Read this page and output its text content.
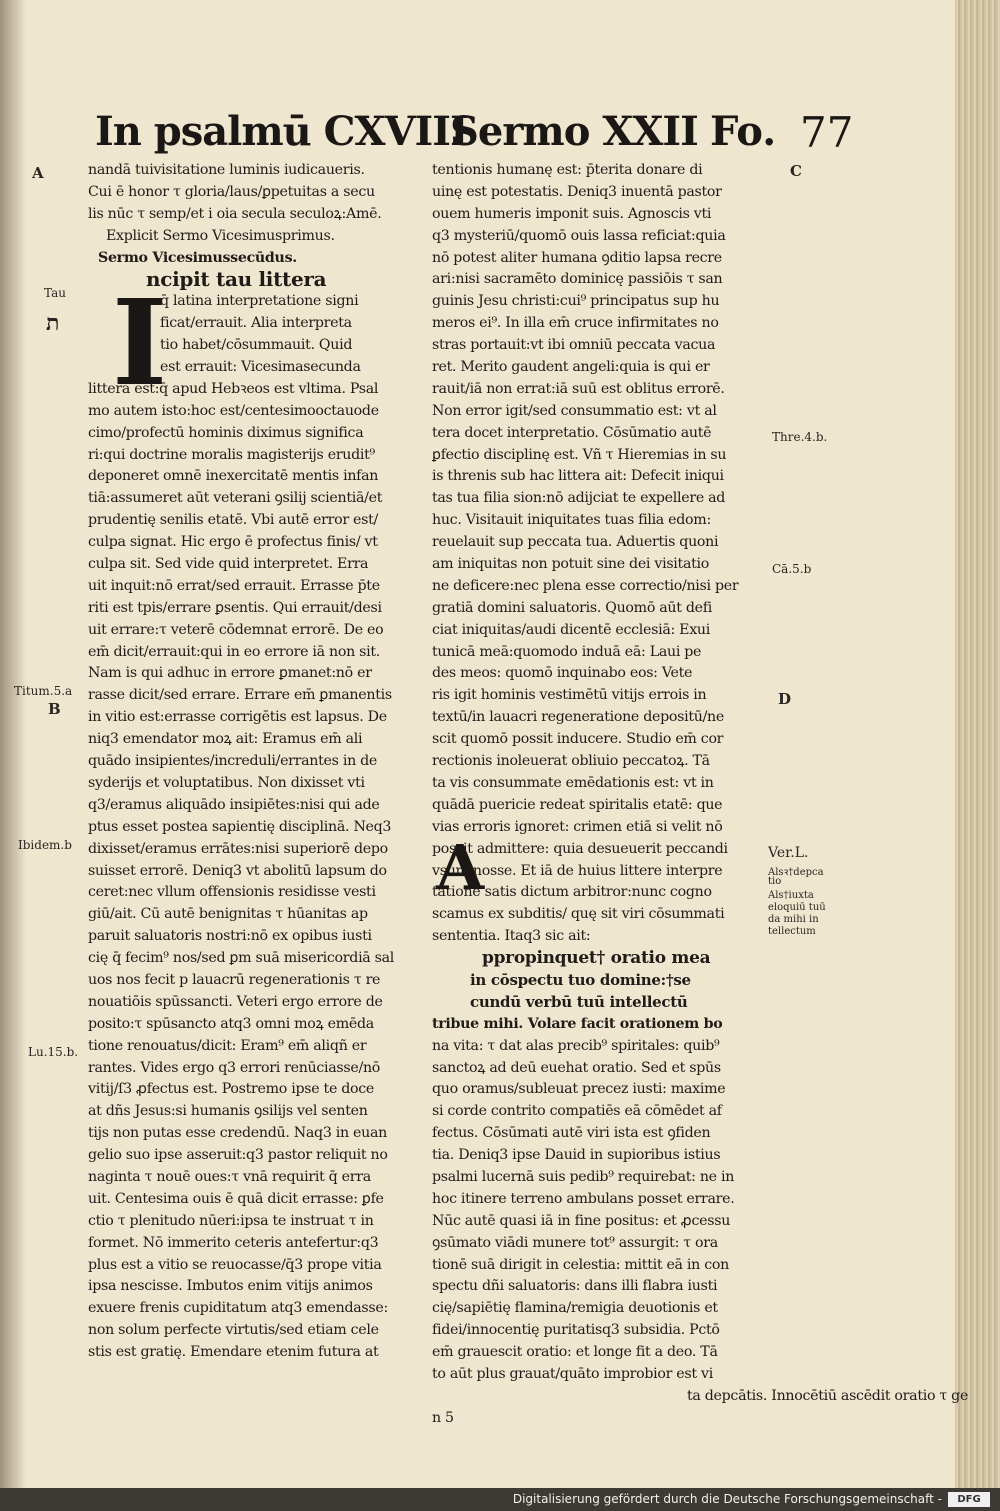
In psalmū CXVIII
Sermo XXII Fo. 77
nandā tuivisitatione luminis iudicaueris.
Cui ē honor τ gloria/laus/ꝑpetuitas a secu
lis nūc τ semp/et i oia secula seculoꝝ:Amē.
Explicit Sermo Vicesimusprimus.
Sermo Vicesimussecūdus.
ncipit tau littera
q̄ latina interpretatione signi
ficat/errauit. Alia interpreta
tio habet/cōsummauit. Quid
est errauit: Vicesimasecunda
littera est:q̄ apud Hebꝛeos est vltima. Psal
mo autem isto:hoc est/centesimooctauode
cimo/profectū hominis diximus significa
ri:qui doctrine moralis magisterijs erudit⁹
deponeret omnē inexercitatē mentis infan
tiā:assumeret aūt veterani ꝯsilij scientiā/et
prudentię senilis etatē. Vbi autē error est/
culpa signat. Hic ergo ē profectus finis/ vt
culpa sit. Sed vide quid interpretet. Erra
uit inquit:nō errat/sed errauit. Errasse p̄te
riti est tpis/errare ꝑsentis. Qui errauit/desi
uit errare:τ veterē cōdemnat errorē. De eo
em̄ dicit/errauit:qui in eo errore iā non sit.
Nam is qui adhuc in errore ꝑmanet:nō er
rasse dicit/sed errare. Errare em̄ ꝑmanentis
in vitio est:errasse corrigētis est lapsus. De
niq3 emendator moꝝ ait: Eramus em̄ ali
quādo insipientes/increduli/errantes in de
syderijs et voluptatibus. Non dixisset vti
q3/eramus aliquādo insipiētes:nisi qui ade
ptus esset postea sapientię disciplinā. Neq3
dixisset/eramus errātes:nisi superiorē depo
suisset errorē. Deniq3 vt abolitū lapsum do
ceret:nec vllum offensionis residisse vesti
giū/ait. Cū autē benignitas τ hūanitas ap
paruit saluatoris nostri:nō ex opibus iusti
cię q̄ fecim⁹ nos/sed ꝑm suā misericordiā sal
uos nos fecit p lauacrū regenerationis τ re
nouatiōis spūssancti. Veteri ergo errore de
posito:τ spūsancto atq3 omni moꝝ emēda
tione renouatus/dicit: Eram⁹ em̄ aliqñ er
rantes. Vides ergo q3 errori renūciasse/nō
vitij/ſ3 ꝓfectus est. Postremo ipse te doce
at dñs Jesus:si humanis ꝯsilijs vel senten
tijs non putas esse credendū. Naq3 in euan
gelio suo ipse asseruit:q3 pastor reliquit no
naginta τ nouē oues:τ vnā requirit q̄ erra
uit. Centesima ouis ē quā dicit errasse: ꝑfe
ctio τ plenitudo nūeri:ipsa te instruat τ in
formet. Nō immerito ceteris antefertur:q3
plus est a vitio se reuocasse/q̄3 prope vitia
ipsa nescisse. Imbutos enim vitijs animos
exuere frenis cupiditatum atq3 emendasse:
non solum perfecte virtutis/sed etiam cele
stis est gratię. Emendare etenim futura at
tentionis humanę est: p̄terita donare di
uinę est potestatis. Deniq3 inuentā pastor
ouem humeris imponit suis. Agnoscis vti
q3 mysteriū/quomō ouis lassa reficiat:quia
nō potest aliter humana ꝯditio lapsa recre
ari:nisi sacramēto dominicę passiōis τ san
guinis Jesu christi:cui⁹ principatus sup hu
meros ei⁹. In illa em̄ cruce infirmitates no
stras portauit:vt ibi omniū peccata vacua
ret. Merito gaudent angeli:quia is qui er
rauit/iā non errat:iā suū est oblitus errorē.
Non error igit/sed consummatio est: vt al
tera docet interpretatio. Cōsūmatio autē
ꝑfectio disciplinę est. Vñ τ Hieremias in su
is threnis sub hac littera ait: Defecit iniqui
tas tua filia sion:nō adijciat te expellere ad
huc. Visitauit iniquitates tuas filia edom:
reuelauit sup peccata tua. Aduertis quoni
am iniquitas non potuit sine dei visitatio
ne deficere:nec plena esse correctio/nisi per
gratiā domini saluatoris. Quomō aūt defi
ciat iniquitas/audi dicentē ecclesiā: Exui
tunicā meā:quomodo induā eā: Laui pe
des meos: quomō inquinabo eos: Vete
ris igit hominis vestimētū vitijs errois in
textū/in lauacri regeneratione depositū/ne
scit quomō possit inducere. Studio em̄ cor
rectionis inoleuerat obliuio peccatoꝝ. Tā
ta vis consummate emēdationis est: vt in
quādā puericie redeat spiritalis etatē: que
vias erroris ignoret: crimen etiā si velit nō
possit admittere: quia desueuerit peccandi
vsum nosse. Et iā de huius littere interpre
tatione satis dictum arbitror:nunc cogno
scamus ex subditis/ quę sit viri cōsummati
sententia. Itaq3 sic ait:
ppropinquet† oratio mea
in cōspectu tuo domine:†se
cundū verbū tuū intellectū
tribue mihi. Volare facit orationem bo
na vita: τ dat alas precib⁹ spiritales: quib⁹
sanctoꝝ ad deū euehat oratio. Sed et spūs
quo oramus/subleuat precez iusti: maxime
si corde contrito compatiēs eā cōmēdet af
fectus. Cōsūmati autē viri ista est ꝯfiden
tia. Deniq3 ipse Dauid in supioribus istius
psalmi lucernā suis pedib⁹ requirebat: ne in
hoc itinere terreno ambulans posset errare.
Nūc autē quasi iā in fine positus: et ꝓcessu
ꝯsūmato viādi munere tot⁹ assurgit: τ ora
tionē suā dirigit in celestia: mittit eā in con
spectu dñi saluatoris: dans illi flabra iusti
cię/sapiētię flamina/remigia deuotionis et
fidei/innocentię puritatisq3 subsidia. Pctō
em̄ grauescit oratio: et longe fit a deo. Tā
to aūt plus grauat/quāto improbior est vi
ta depcātis. Innocētiū ascēdit oratio τ ge
n 5
I
A
A
B
C
D
Tau
ת
Titum.5.a
Ibidem.b
Lu.15.b.
Thre.4.b.
Cā.5.b
Ver.L.
Alsꝛ†depca
tio
Als†iuxta
eloquiū tuū
da mihi in
tellectum
Digitalisierung gefördert durch die Deutsche Forschungsgemeinschaft -	DFG
